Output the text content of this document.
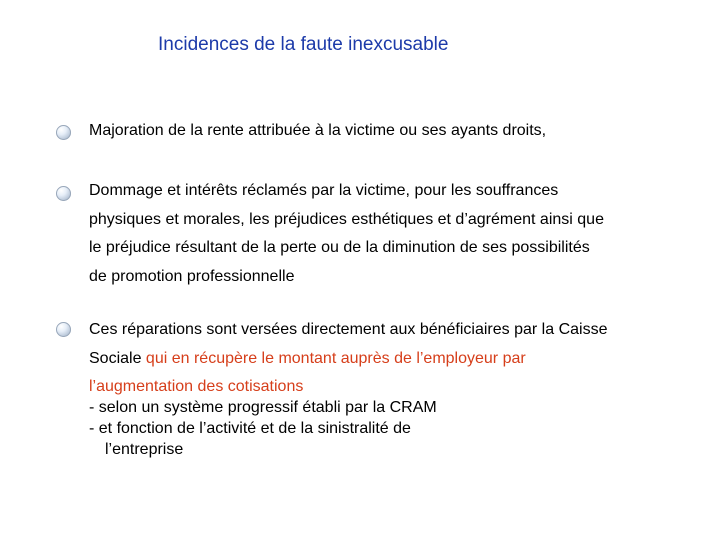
Incidences de la faute inexcusable
Majoration de la rente attribuée à la victime ou ses ayants droits,
Dommage et intérêts réclamés par la victime, pour les souffrances
physiques et morales, les préjudices esthétiques et d’agrément ainsi que
le préjudice résultant de la perte ou de la diminution de ses possibilités
de promotion professionnelle
Ces réparations sont versées directement aux bénéficiaires par la Caisse
Sociale qui en récupère le montant auprès de l’employeur par
l’augmentation des cotisations
- selon un système progressif établi par la CRAM
- et fonction de l’activité et de la sinistralité de
l’entreprise
